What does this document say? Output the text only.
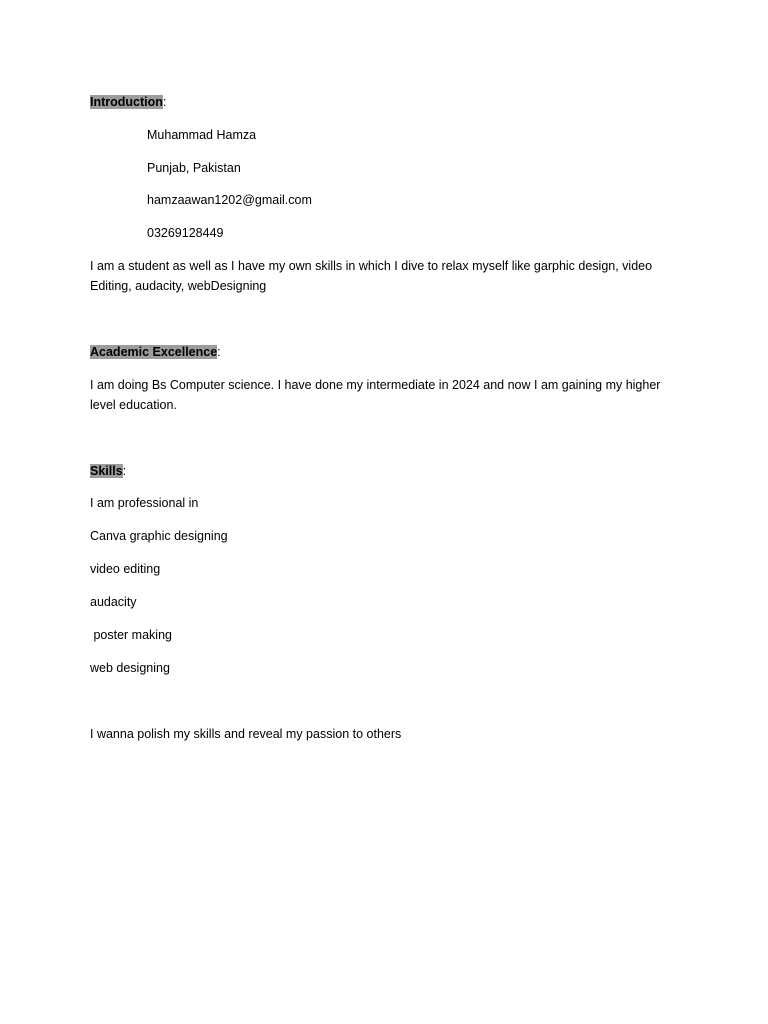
Introduction:
Muhammad Hamza
Punjab, Pakistan
hamzaawan1202@gmail.com
03269128449
I am a student as well as I have my own skills in which I dive to relax myself like garphic design, video Editing, audacity, webDesigning
Academic Excellence:
I am doing Bs Computer science. I have done my intermediate in 2024 and now I am gaining my higher level education.
Skills:
I am professional in
Canva graphic designing
video editing
audacity
poster making
web designing
I wanna polish my skills and reveal my passion to others
